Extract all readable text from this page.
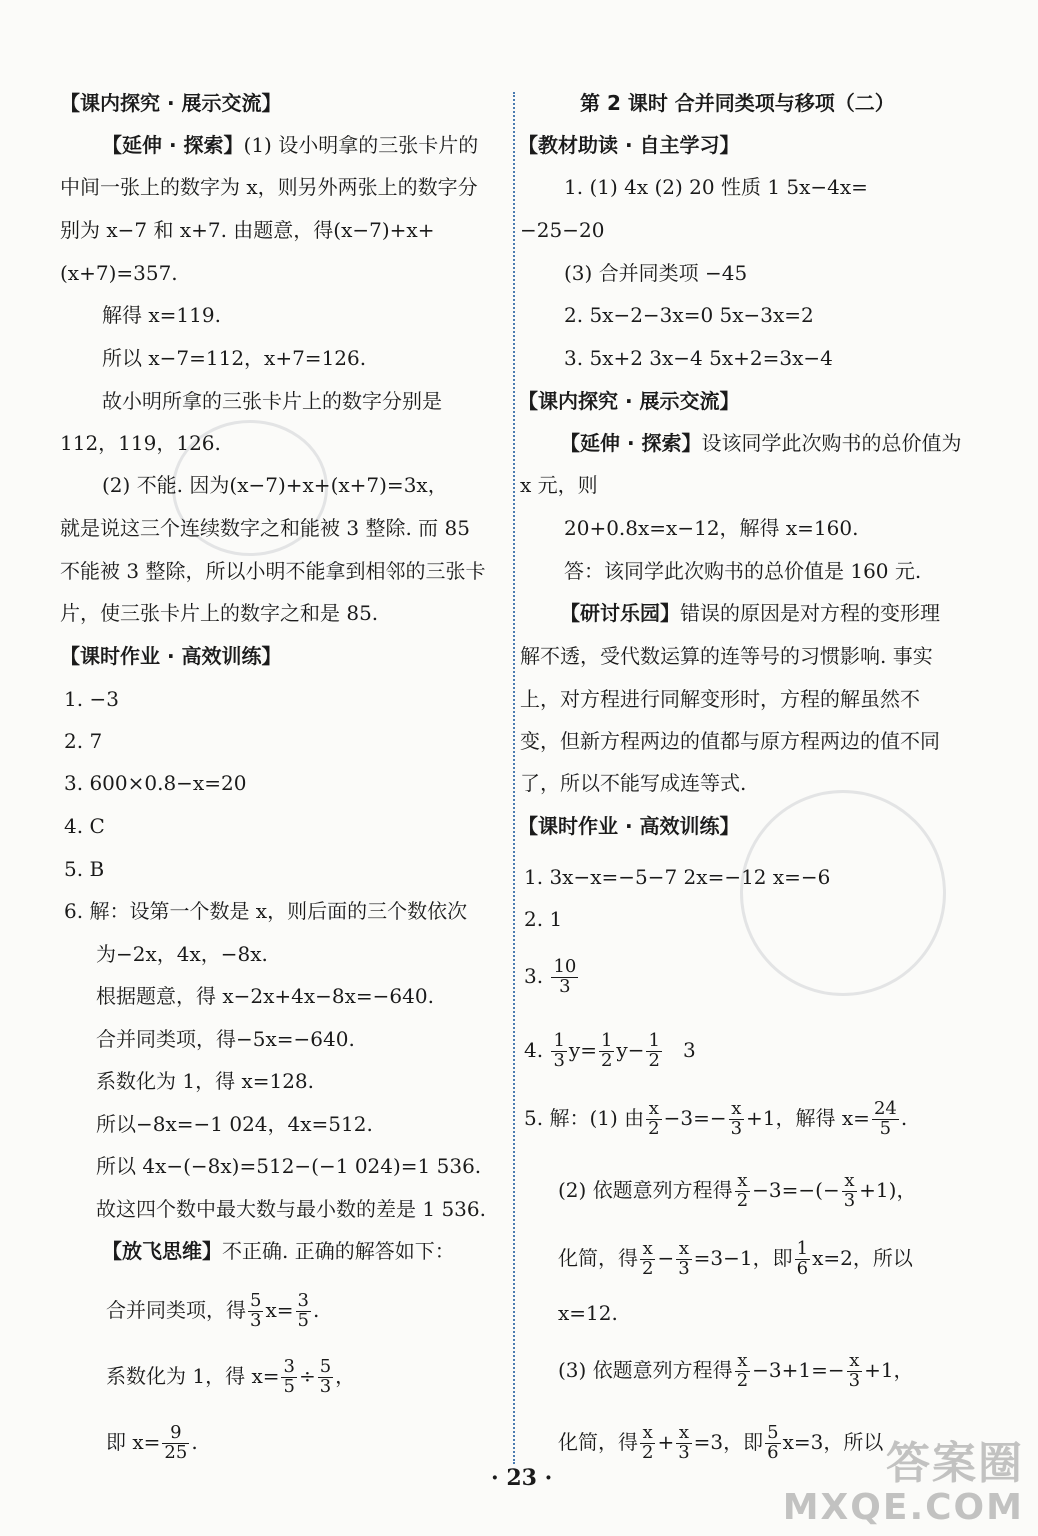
【课内探究 · 展示交流】
【延伸 · 探索】(1) 设小明拿的三张卡片的
中间一张上的数字为 x，则另外两张上的数字分
别为 x−7 和 x+7. 由题意，得(x−7)+x+
(x+7)=357.
解得 x=119.
所以 x−7=112，x+7=126.
故小明所拿的三张卡片上的数字分别是
112，119，126.
(2) 不能. 因为(x−7)+x+(x+7)=3x，
就是说这三个连续数字之和能被 3 整除. 而 85
不能被 3 整除，所以小明不能拿到相邻的三张卡
片，使三张卡片上的数字之和是 85.
【课时作业 · 高效训练】
1. −3
2. 7
3. 600×0.8−x=20
4. C
5. B
6. 解：设第一个数是 x，则后面的三个数依次
为−2x，4x，−8x.
根据题意，得 x−2x+4x−8x=−640.
合并同类项，得−5x=−640.
系数化为 1，得 x=128.
所以−8x=−1 024，4x=512.
所以 4x−(−8x)=512−(−1 024)=1 536.
故这四个数中最大数与最小数的差是 1 536.
【放飞思维】不正确. 正确的解答如下：
合并同类项，得 $\frac{5}{3} x= \frac{3}{5}$ .
系数化为 1，得 $x= \frac{3}{5} \div \frac{5}{3}$ ，
即 $x= \frac{9}{25}$ .
第 2 课时 合并同类项与移项（二）
【教材助读 · 自主学习】
1. (1) 4x (2) 20 性质 1 5x−4x=
−25−20
(3) 合并同类项 −45
2. 5x−2−3x=0 5x−3x=2
3. 5x+2 3x−4 5x+2=3x−4
【课内探究 · 展示交流】
【延伸 · 探索】设该同学此次购书的总价值为
x 元，则
20+0.8x=x−12，解得 x=160.
答：该同学此次购书的总价值是 160 元.
【研讨乐园】错误的原因是对方程的变形理
解不透，受代数运算的连等号的习惯影响. 事实
上，对方程进行同解变形时，方程的解虽然不
变，但新方程两边的值都与原方程两边的值不同
了，所以不能写成连等式.
【课时作业 · 高效训练】
1. 3x−x=−5−7 2x=−12 x=−6
2. 1
3. $\frac{10}{3}$
4. $\frac{1}{3} y= \frac{1}{2} y- \frac{1}{2} 3$
5. 解：(1) 由 $\frac{x}{2} -3=- \frac{x}{3} +1$，解得 $x= \frac{24}{5}$ .
(2) 依题意列方程得 $\frac{x}{2} -3=-(- \frac{x}{3} +1)$，
化简，得 $\frac{x}{2} - \frac{x}{3} =3-1$，即 $\frac{1}{6} x=2$，所以
x=12.
(3) 依题意列方程得 $\frac{x}{2} -3+1=- \frac{x}{3} +1$，
化简，得 $\frac{x}{2} + \frac{x}{3} =3$，即 $\frac{5}{6} x=3$，所以
· 23 ·	答案圈
MXQE.COM
